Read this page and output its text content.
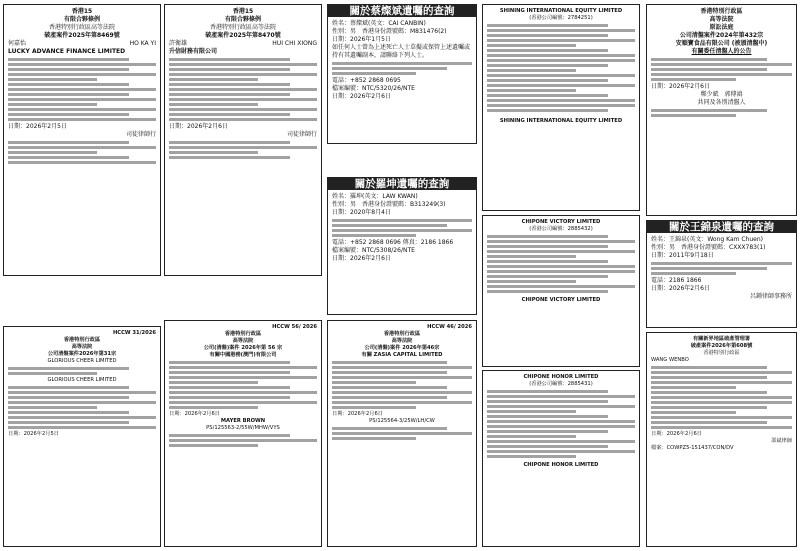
香港15
有限合夥條例
香港特別行政區高等法院
破產案件2025年第8469號
何嘉怡	HO KA YI
LUCKY ADVANCE FINANCE LIMITED
日期：2026年2月5日
司徒律師行
香港15
有限合夥條例
香港特別行政區高等法院
破產案件2025年第8470號
許衛雄	HUI CHI XIONG
升信財務有限公司
日期：2026年2月6日
司徒律師行
關於蔡燦斌遺囑的查詢
姓名：蔡燦斌(英文：CAI CANBIN)
性別：男　香港身份證號碼：M831476(2)
日期：2026年1月5日
如任何人士曾為上述死亡人士草擬或保管上述遺囑或持有其遺囑副本，請聯絡下列人士。
電話：+852 2868 0695
檔案編號：NTC/5320/26/NTE
日期：2026年2月6日
關於羅坤遺囑的查詢
姓名：羅坤(英文：LAW KWAN)
性別：男　香港身份證號碼：B313249(3)
日期：2020年8月4日
電話：+852 2868 0696 傳真：2186 1866
檔案編號：NTC/5308/26/NTE
日期：2026年2月6日
SHINING INTERNATIONAL EQUITY LIMITED
(香港公司編號：2784251)
SHINING INTERNATIONAL EQUITY LIMITED
CHIPONE VICTORY LIMITED
(香港公司編號：2885432)
CHIPONE VICTORY LIMITED
CHIPONE HONOR LIMITED
(香港公司編號：2885431)
CHIPONE HONOR LIMITED
香港特別行政區
高等法院
原訟法庭
公司清盤案件2024年第432宗
安順寶食品有限公司 (被頒清盤中)
有關委任清盤人的公告
日期：2026年2月6日
鄭少斌　郭傳鴻
共同及各別清盤人
關於王錦泉遺囑的查詢
姓名：王錦泉(英文：Wong Kam Chuen)
性別：男　香港身份證號碼：CXXX783(1)
日期：2011年9月18日
電話：2186 1866
日期：2026年2月6日
呂鍾律師事務所
有關新界地區破產管理署
破產案件2026年第608號
香港特別行政區
WANG WENBO
日期：2026年2月6日
邵斌律師
檔案：COWPZ5-151437/CON/DV
HCCW 31/2026
香港特別行政區
高等法院
公司清盤案件2026年第31宗
GLORIOUS CHEER LIMITED
GLORIOUS CHEER LIMITED
日期：2026年2月5日
HCCW 56/ 2026
香港特別行政區
高等法院
公司(清盤)案件 2026年第 56 宗
有關中國港務(澳門)有限公司
日期：2026年2月6日
MAYER BROWN
PS/125563-2/55W/MHW/VYS
HCCW 46/ 2026
香港特別行政區
高等法院
公司(清盤)案件 2026年第46宗
有關 ZASIA CAPITAL LIMITED
日期：2026年2月6日
PS/125564-3/25W/LH/CW
